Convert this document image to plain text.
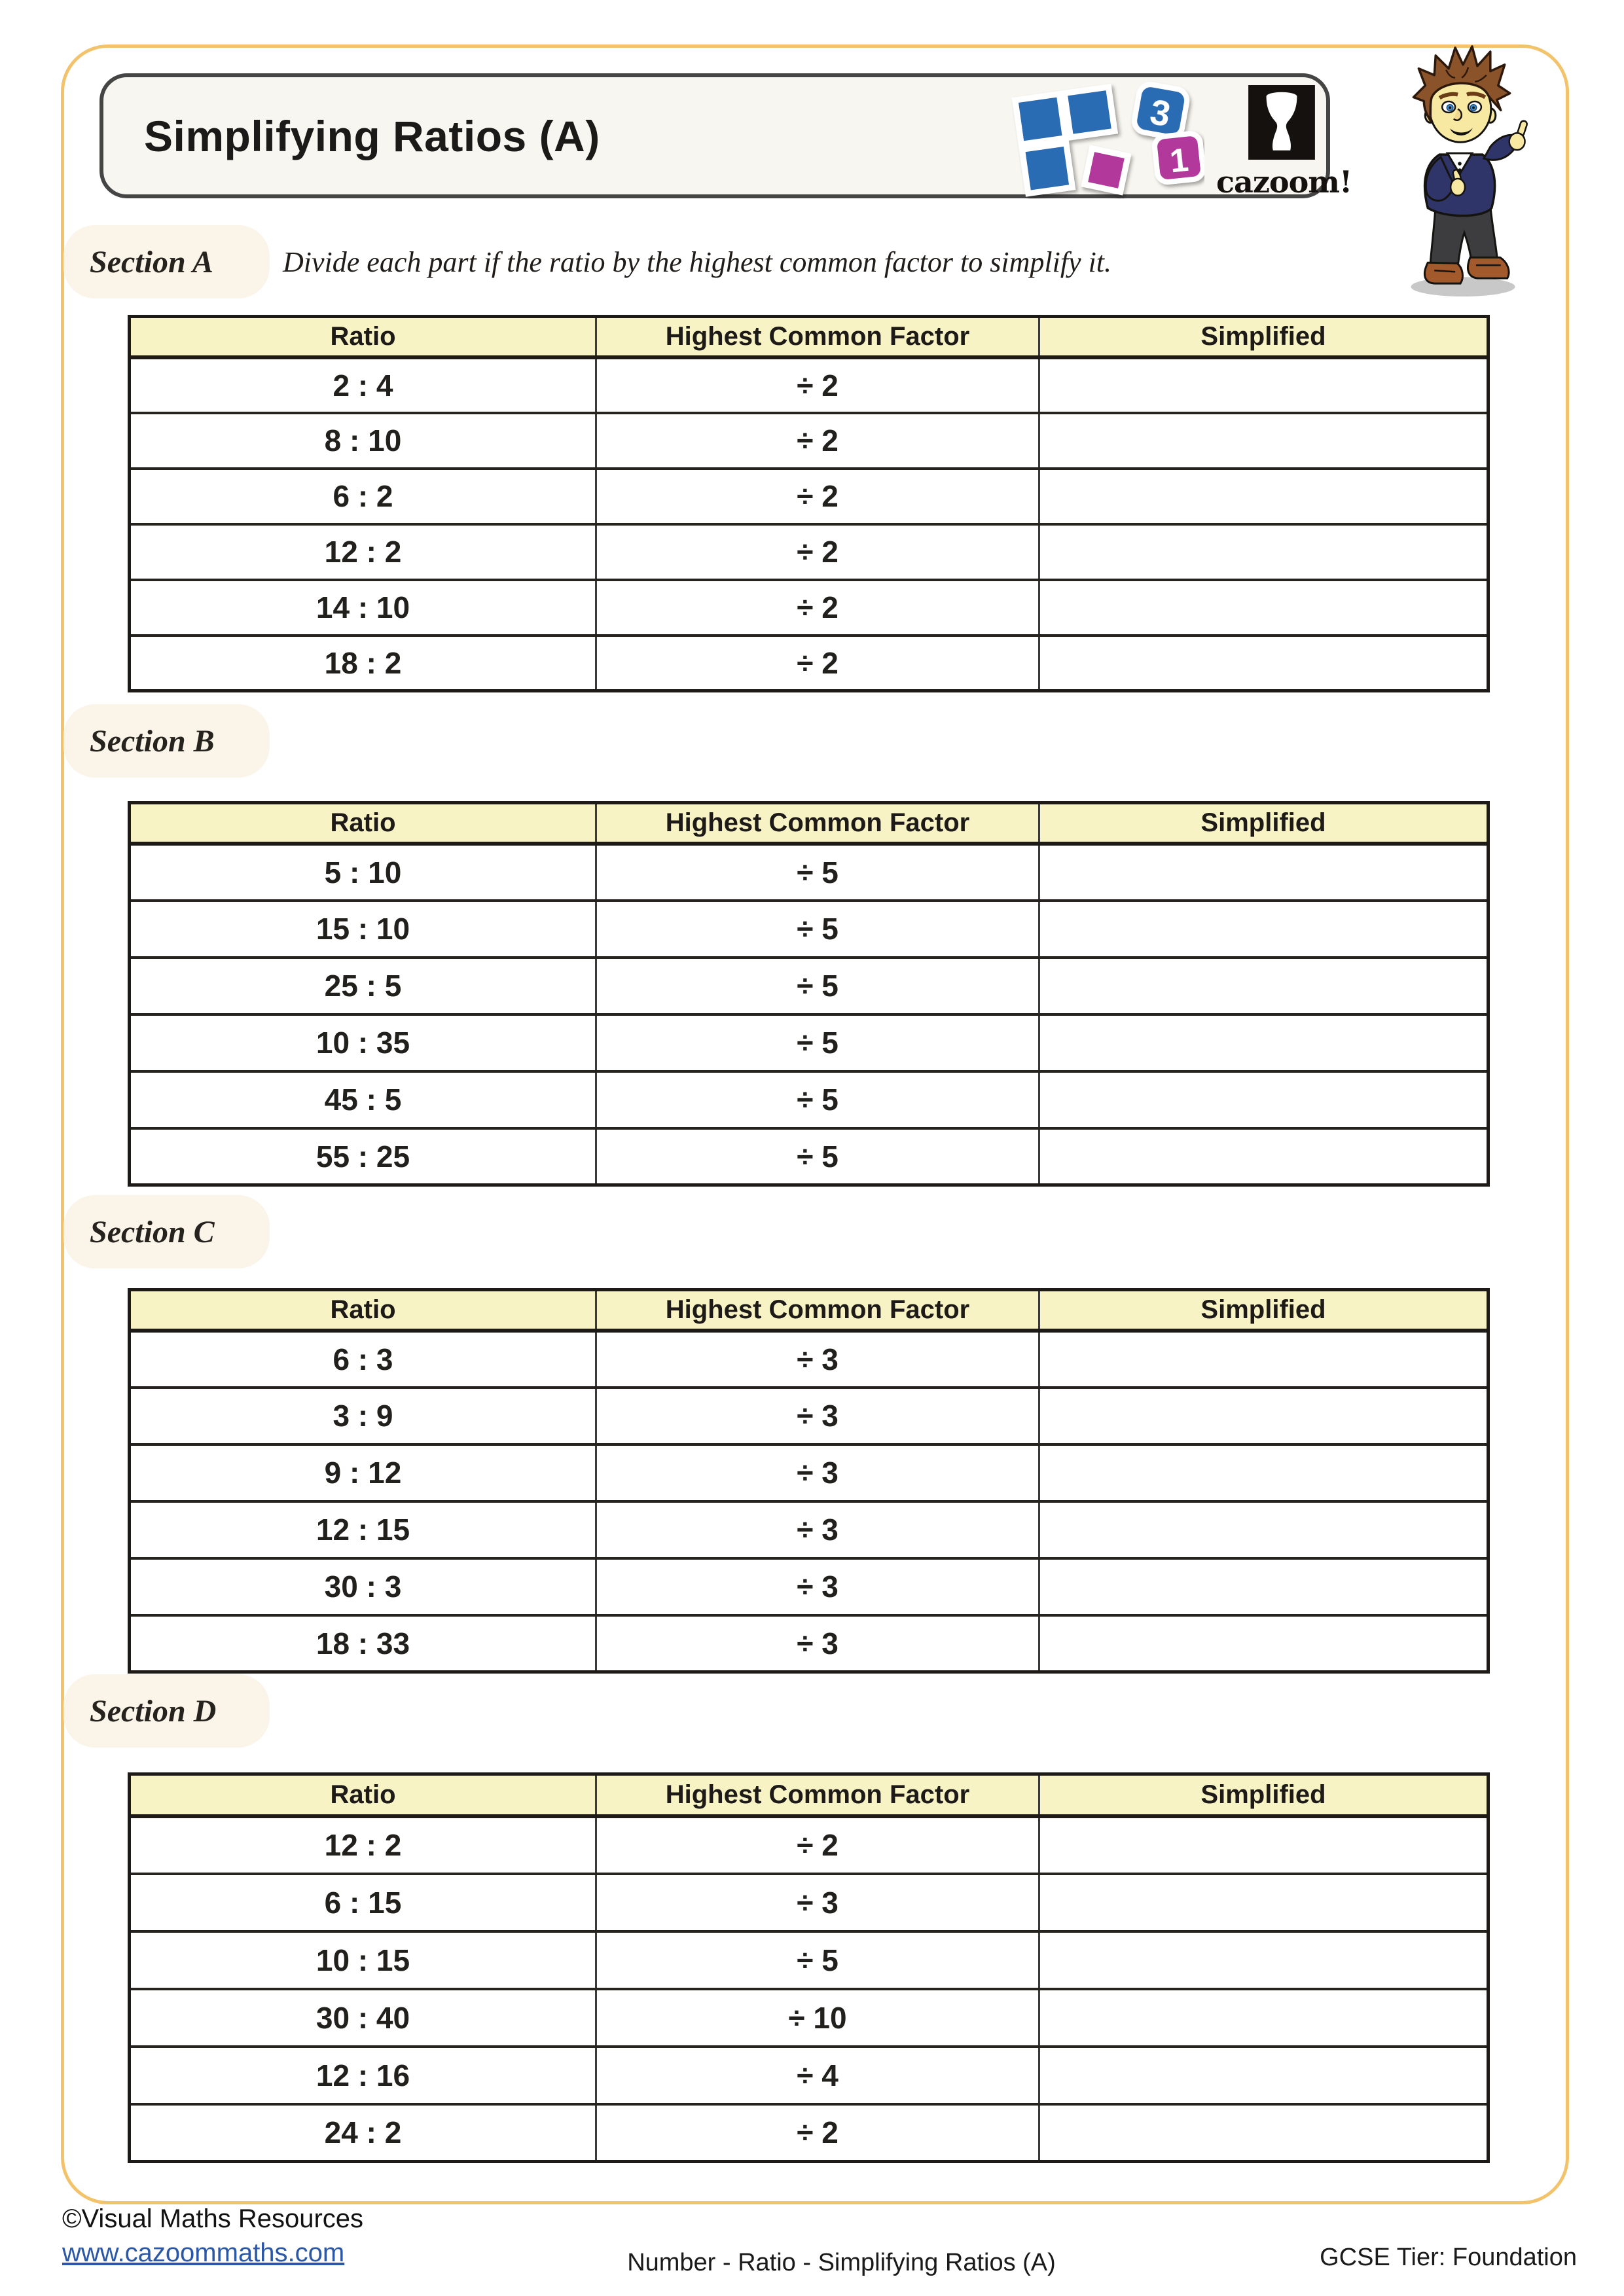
Simplifying Ratios (A)	3
1
cazoom!
Section A	Divide each part if the ratio by the highest common factor to simplify it.
Ratio	Highest Common Factor	Simplified
2 : 4	÷ 2	
8 : 10	÷ 2	
6 : 2	÷ 2	
12 : 2	÷ 2	
14 : 10	÷ 2	
18 : 2	÷ 2	
Section B
Ratio	Highest Common Factor	Simplified
5 : 10	÷ 5	
15 : 10	÷ 5	
25 : 5	÷ 5	
10 : 35	÷ 5	
45 : 5	÷ 5	
55 : 25	÷ 5	
Section C
Ratio	Highest Common Factor	Simplified
6 : 3	÷ 3	
3 : 9	÷ 3	
9 : 12	÷ 3	
12 : 15	÷ 3	
30 : 3	÷ 3	
18 : 33	÷ 3	
Section D
Ratio	Highest Common Factor	Simplified
12 : 2	÷ 2	
6 : 15	÷ 3	
10 : 15	÷ 5	
30 : 40	÷ 10	
12 : 16	÷ 4	
24 : 2	÷ 2	
©Visual Maths Resources
www.cazoommaths.com	Number - Ratio - Simplifying Ratios (A)	GCSE Tier: Foundation
